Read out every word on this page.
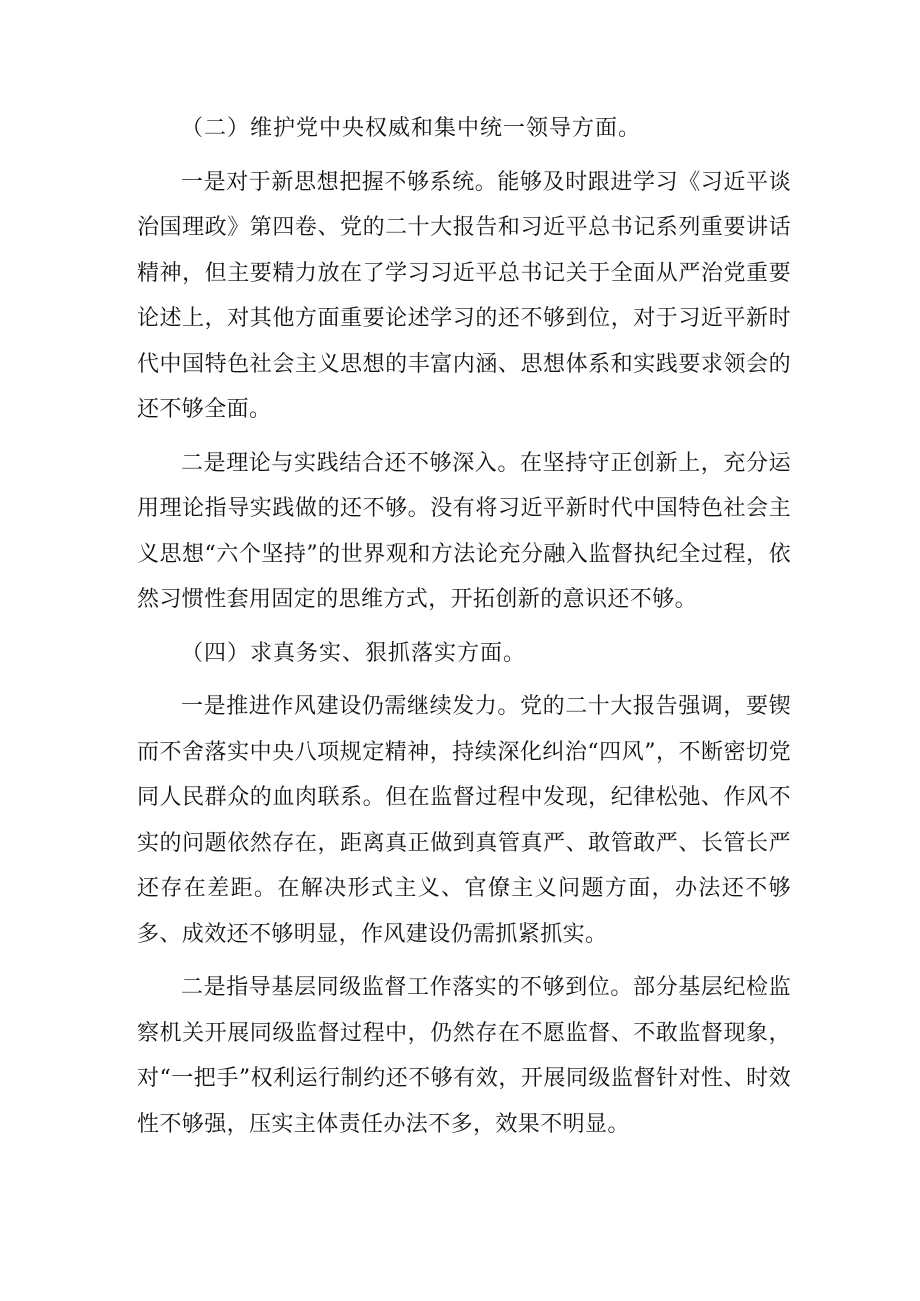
（二）维护党中央权威和集中统一领导方面。

一是对于新思想把握不够系统。能够及时跟进学习《习近平谈治国理政》第四卷、党的二十大报告和习近平总书记系列重要讲话精神，但主要精力放在了学习习近平总书记关于全面从严治党重要论述上，对其他方面重要论述学习的还不够到位，对于习近平新时代中国特色社会主义思想的丰富内涵、思想体系和实践要求领会的还不够全面。

二是理论与实践结合还不够深入。在坚持守正创新上，充分运用理论指导实践做的还不够。没有将习近平新时代中国特色社会主义思想“六个坚持”的世界观和方法论充分融入监督执纪全过程，依然习惯性套用固定的思维方式，开拓创新的意识还不够。

（四）求真务实、狠抓落实方面。

一是推进作风建设仍需继续发力。党的二十大报告强调，要锲而不舍落实中央八项规定精神，持续深化纠治“四风”，不断密切党同人民群众的血肉联系。但在监督过程中发现，纪律松弛、作风不实的问题依然存在，距离真正做到真管真严、敢管敢严、长管长严还存在差距。在解决形式主义、官僚主义问题方面，办法还不够多、成效还不够明显，作风建设仍需抓紧抓实。

二是指导基层同级监督工作落实的不够到位。部分基层纪检监察机关开展同级监督过程中，仍然存在不愿监督、不敢监督现象，对“一把手”权利运行制约还不够有效，开展同级监督针对性、时效性不够强，压实主体责任办法不多，效果不明显。
